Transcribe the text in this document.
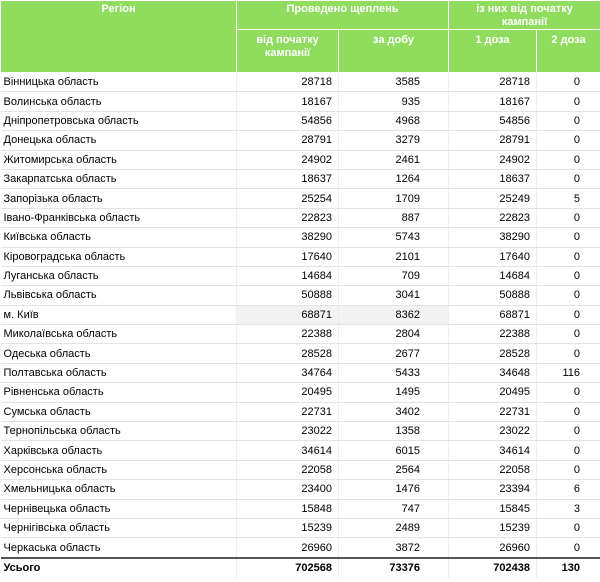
Регіон	Проведено щеплень		із них від початку кампанії	
	від початку кампанії	за добу	1 доза	2 доза
Вінницька область	28718	3585	28718	0
Волинська область	18167	935	18167	0
Дніпропетровська область	54856	4968	54856	0
Донецька область	28791	3279	28791	0
Житомирська область	24902	2461	24902	0
Закарпатська область	18637	1264	18637	0
Запорізька область	25254	1709	25249	5
Івано-Франківська область	22823	887	22823	0
Київська область	38290	5743	38290	0
Кіровоградська область	17640	2101	17640	0
Луганська область	14684	709	14684	0
Львівська область	50888	3041	50888	0
м. Київ	68871	8362	68871	0
Миколаївська область	22388	2804	22388	0
Одеська область	28528	2677	28528	0
Полтавська область	34764	5433	34648	116
Рівненська область	20495	1495	20495	0
Сумська область	22731	3402	22731	0
Тернопільська область	23022	1358	23022	0
Харківська область	34614	6015	34614	0
Херсонська область	22058	2564	22058	0
Хмельницька область	23400	1476	23394	6
Чернівецька область	15848	747	15845	3
Чернігівська область	15239	2489	15239	0
Черкаська область	26960	3872	26960	0
Усього	702568	73376	702438	130
